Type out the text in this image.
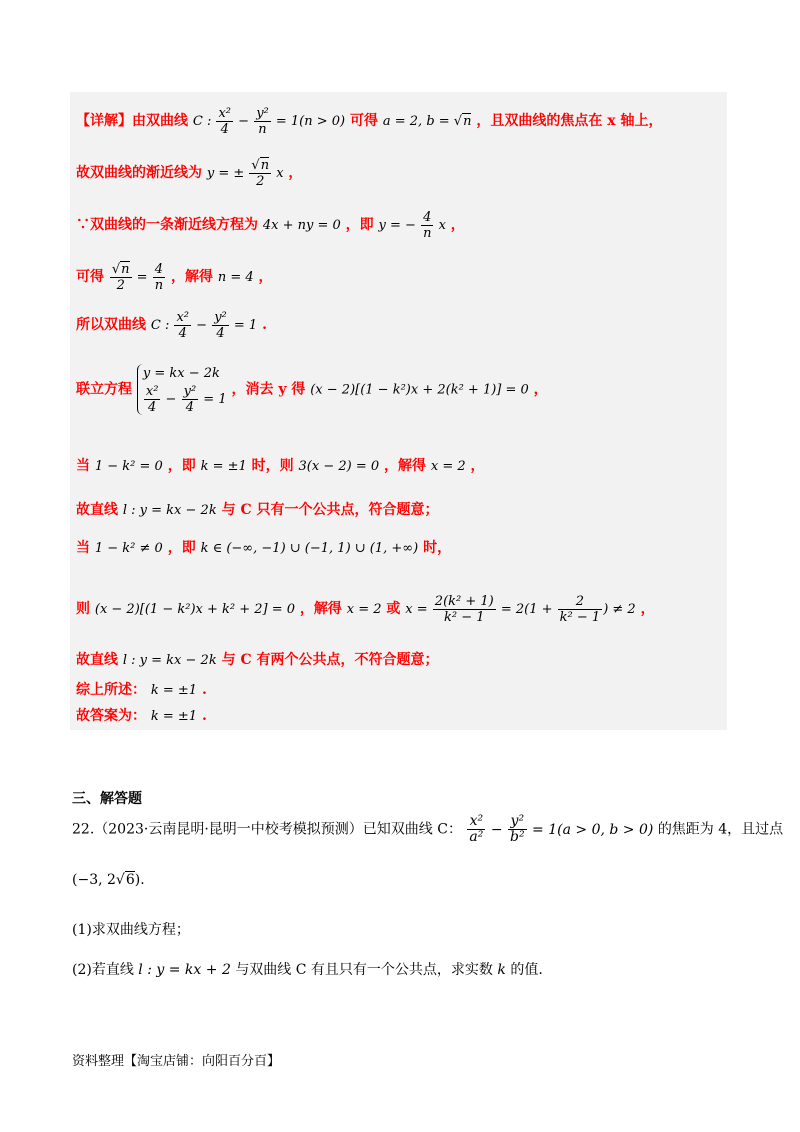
【详解】由双曲线 C : $\frac{\text{x²}}{4} - \frac{\text{y²}}{n} = 1(n > 0)$ 可得 a = 2, b = √n ，且双曲线的焦点在 x 轴上，
故双曲线的渐近线为 y = ± $\frac{√n}{2}$ x ，
∵双曲线的一条渐近线方程为 4x + ny = 0 ，即 y = − $\frac{4}{n}$ x ，
可得 $\frac{√n}{2} = \frac{4}{n}$ ，解得 n = 4 ，
所以双曲线 C : $\frac{\text{x²}}{4} - \frac{\text{y²}}{4} = 1$ .
联立方程
y = kx − 2k
$\frac{\text{x²}}{4} - \frac{\text{y²}}{4} = 1$
，消去 y 得 (x − 2)[(1 − k²)x + 2(k² + 1)] = 0 ，
当 1 − k² = 0 ，即 k = ±1 时，则 3(x − 2) = 0 ，解得 x = 2 ，
故直线 l : y = kx − 2k 与 C 只有一个公共点，符合题意；
当 1 − k² ≠ 0 ，即 k ∈ (−∞, −1) ∪ (−1, 1) ∪ (1, +∞) 时，
则 (x − 2)[(1 − k²)x + k² + 2] = 0 ，解得 x = 2 或 $x = \frac{\text{2(k² + 1)}}{\text{k² − 1}} = 2(1 + \frac{2}{\text{k² − 1}}$ ) ≠ 2 ，
故直线 l : y = kx − 2k 与 C 有两个公共点，不符合题意；
综上所述： k = ±1 .
故答案为： k = ±1 .
三、解答题
22.（2023·云南昆明·昆明一中校考模拟预测）已知双曲线 C： $\frac{\text{x²}}{\text{a²}} - \frac{\text{y²}}{\text{b²}} = 1(a > 0$, b > 0) 的焦距为 4，且过点
(−3, 2√6).
(1)求双曲线方程；
(2)若直线 l : y = kx + 2 与双曲线 C 有且只有一个公共点，求实数 k 的值.
资料整理【淘宝店铺：向阳百分百】
